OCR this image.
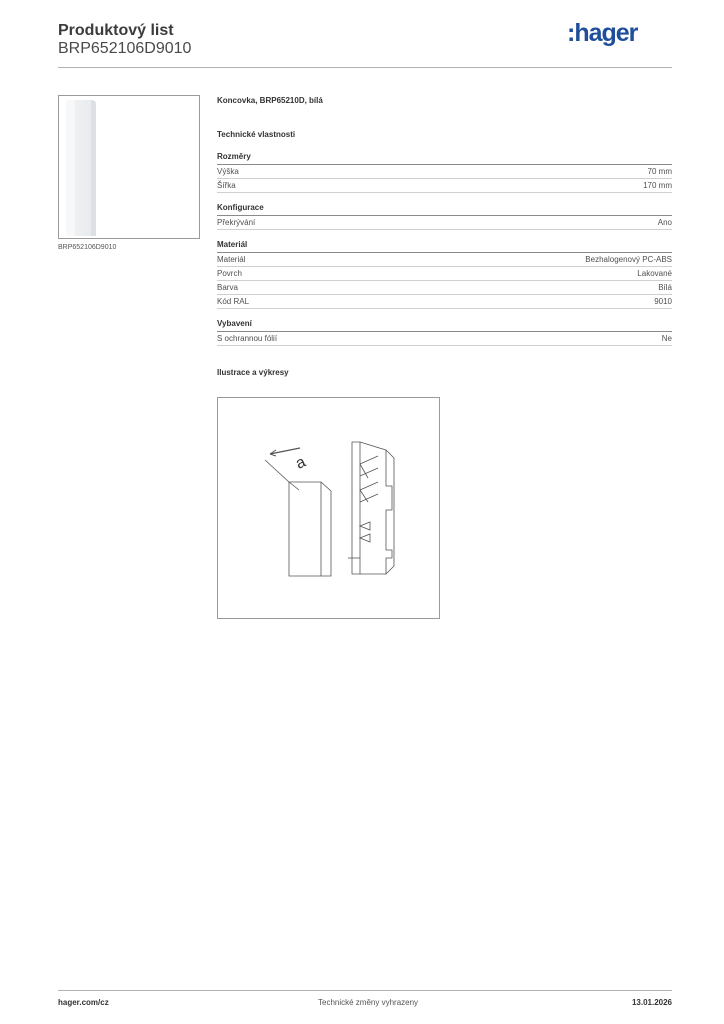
Produktový list
BRP652106D9010
:hager
BRP652106D9010
Koncovka, BRP65210D, bílá
Technické vlastnosti
Rozměry
Výška	70 mm
Šířka	170 mm
Konfigurace
Překrývání	Ano
Materiál
Materiál	Bezhalogenový PC-ABS
Povrch	Lakované
Barva	Bílá
Kód RAL	9010
Vybavení
S ochrannou fólií	Ne
Ilustrace a výkresy
a
hager.com/cz	Technické změny vyhrazeny	13.01.2026
